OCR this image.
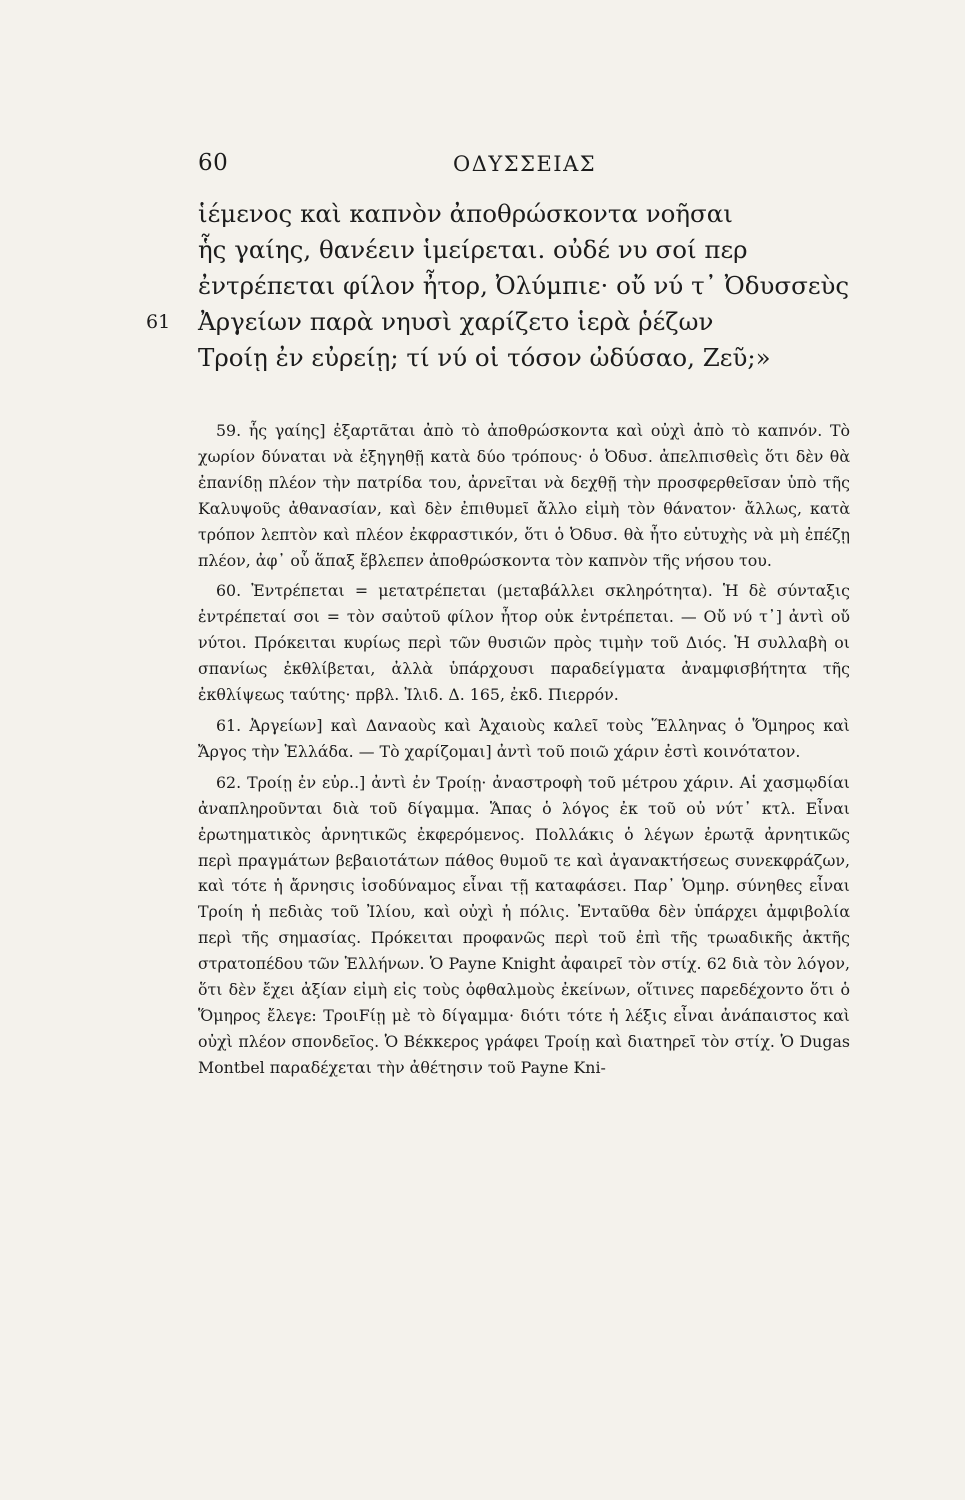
60	ΟΔΥΣΣΕΙΑΣ
ἱέμενος καὶ καπνὸν ἀποθρώσκοντα νοῆσαι
ἧς γαίης, θανέειν ἱμείρεται. οὐδέ νυ σοί περ
ἐντρέπεται φίλον ἦτορ, Ὀλύμπιε· οὔ νύ τ᾽ Ὀδυσσεὺς
61 Ἀργείων παρὰ νηυσὶ χαρίζετο ἱερὰ ῥέζων
Τροίῃ ἐν εὐρείῃ; τί νύ οἱ τόσον ὠδύσαο, Ζεῦ;»

59. ἧς γαίης] ἐξαρτᾶται ἀπὸ τὸ ἀποθρώσκοντα καὶ οὐχὶ ἀπὸ τὸ καπνόν. Τὸ χωρίον δύναται νὰ ἐξηγηθῇ κατὰ δύο τρόπους· ὁ Ὀδυσ. ἀπελπισθεὶς ὅτι δὲν θὰ ἐπανίδῃ πλέον τὴν πατρίδα του, ἀρνεῖται νὰ δεχθῇ τὴν προσφερθεῖσαν ὑπὸ τῆς Καλυψοῦς ἀθανασίαν, καὶ δὲν ἐπιθυμεῖ ἄλλο εἰμὴ τὸν θάνατον· ἄλλως, κατὰ τρόπον λεπτὸν καὶ πλέον ἐκφραστικόν, ὅτι ὁ Ὀδυσ. θὰ ἦτο εὐτυχὴς νὰ μὴ ἐπέζῃ πλέον, ἀφ᾽ οὗ ἅπαξ ἔβλεπεν ἀποθρώσκοντα τὸν καπνὸν τῆς νήσου του.

60. Ἐντρέπεται = μετατρέπεται (μεταβάλλει σκληρότητα). Ἡ δὲ σύνταξις ἐντρέπεταί σοι = τὸν σαὐτοῦ φίλον ἦτορ οὐκ ἐντρέπεται. — Οὔ νύ τ᾽] ἀντὶ οὔ νύτοι. Πρόκειται κυρίως περὶ τῶν θυσιῶν πρὸς τιμὴν τοῦ Διός. Ἡ συλλαβὴ οι σπανίως ἐκθλίβεται, ἀλλὰ ὑπάρχουσι παραδείγματα ἀναμφισβήτητα τῆς ἐκθλίψεως ταύτης· πρβλ. Ἰλιδ. Δ. 165, ἐκδ. Πιερρόν.

61. Ἀργείων] καὶ Δαναοὺς καὶ Ἀχαιοὺς καλεῖ τοὺς Ἕλληνας ὁ Ὅμηρος καὶ Ἄργος τὴν Ἑλλάδα. — Τὸ χαρίζομαι] ἀντὶ τοῦ ποιῶ χάριν ἐστὶ κοινότατον.

62. Τροίῃ ἐν εὐρ..] ἀντὶ ἐν Τροίῃ· ἀναστροφὴ τοῦ μέτρου χάριν. Αἱ χασμῳδίαι ἀναπληροῦνται διὰ τοῦ δίγαμμα. Ἅπας ὁ λόγος ἐκ τοῦ οὐ νύτ᾽ κτλ. Εἶναι ἐρωτηματικὸς ἀρνητικῶς ἐκφερόμενος. Πολλάκις ὁ λέγων ἐρωτᾷ ἀρνητικῶς περὶ πραγμάτων βεβαιοτάτων πάθος θυμοῦ τε καὶ ἀγανακτήσεως συνεκφράζων, καὶ τότε ἡ ἄρνησις ἰσοδύναμος εἶναι τῇ καταφάσει. Παρ᾽ Ὁμηρ. σύνηθες εἶναι Τροίη ἡ πεδιὰς τοῦ Ἰλίου, καὶ οὐχὶ ἡ πόλις. Ἐνταῦθα δὲν ὑπάρχει ἀμφιβολία περὶ τῆς σημασίας. Πρόκειται προφανῶς περὶ τοῦ ἐπὶ τῆς τρωαδικῆς ἀκτῆς στρατοπέδου τῶν Ἑλλήνων. Ὁ Payne Knight ἀφαιρεῖ τὸν στίχ. 62 διὰ τὸν λόγον, ὅτι δὲν ἔχει ἀξίαν εἰμὴ εἰς τοὺς ὀφθαλμοὺς ἐκείνων, οἵτινες παρεδέχοντο ὅτι ὁ Ὅμηρος ἔλεγε: ΤροιFίῃ μὲ τὸ δίγαμμα· διότι τότε ἡ λέξις εἶναι ἀνάπαιστος καὶ οὐχὶ πλέον σπονδεῖος. Ὁ Βέκκερος γράφει Τροίῃ καὶ διατηρεῖ τὸν στίχ. Ὁ Dugas Montbel παραδέχεται τὴν ἀθέτησιν τοῦ Payne Kni-
